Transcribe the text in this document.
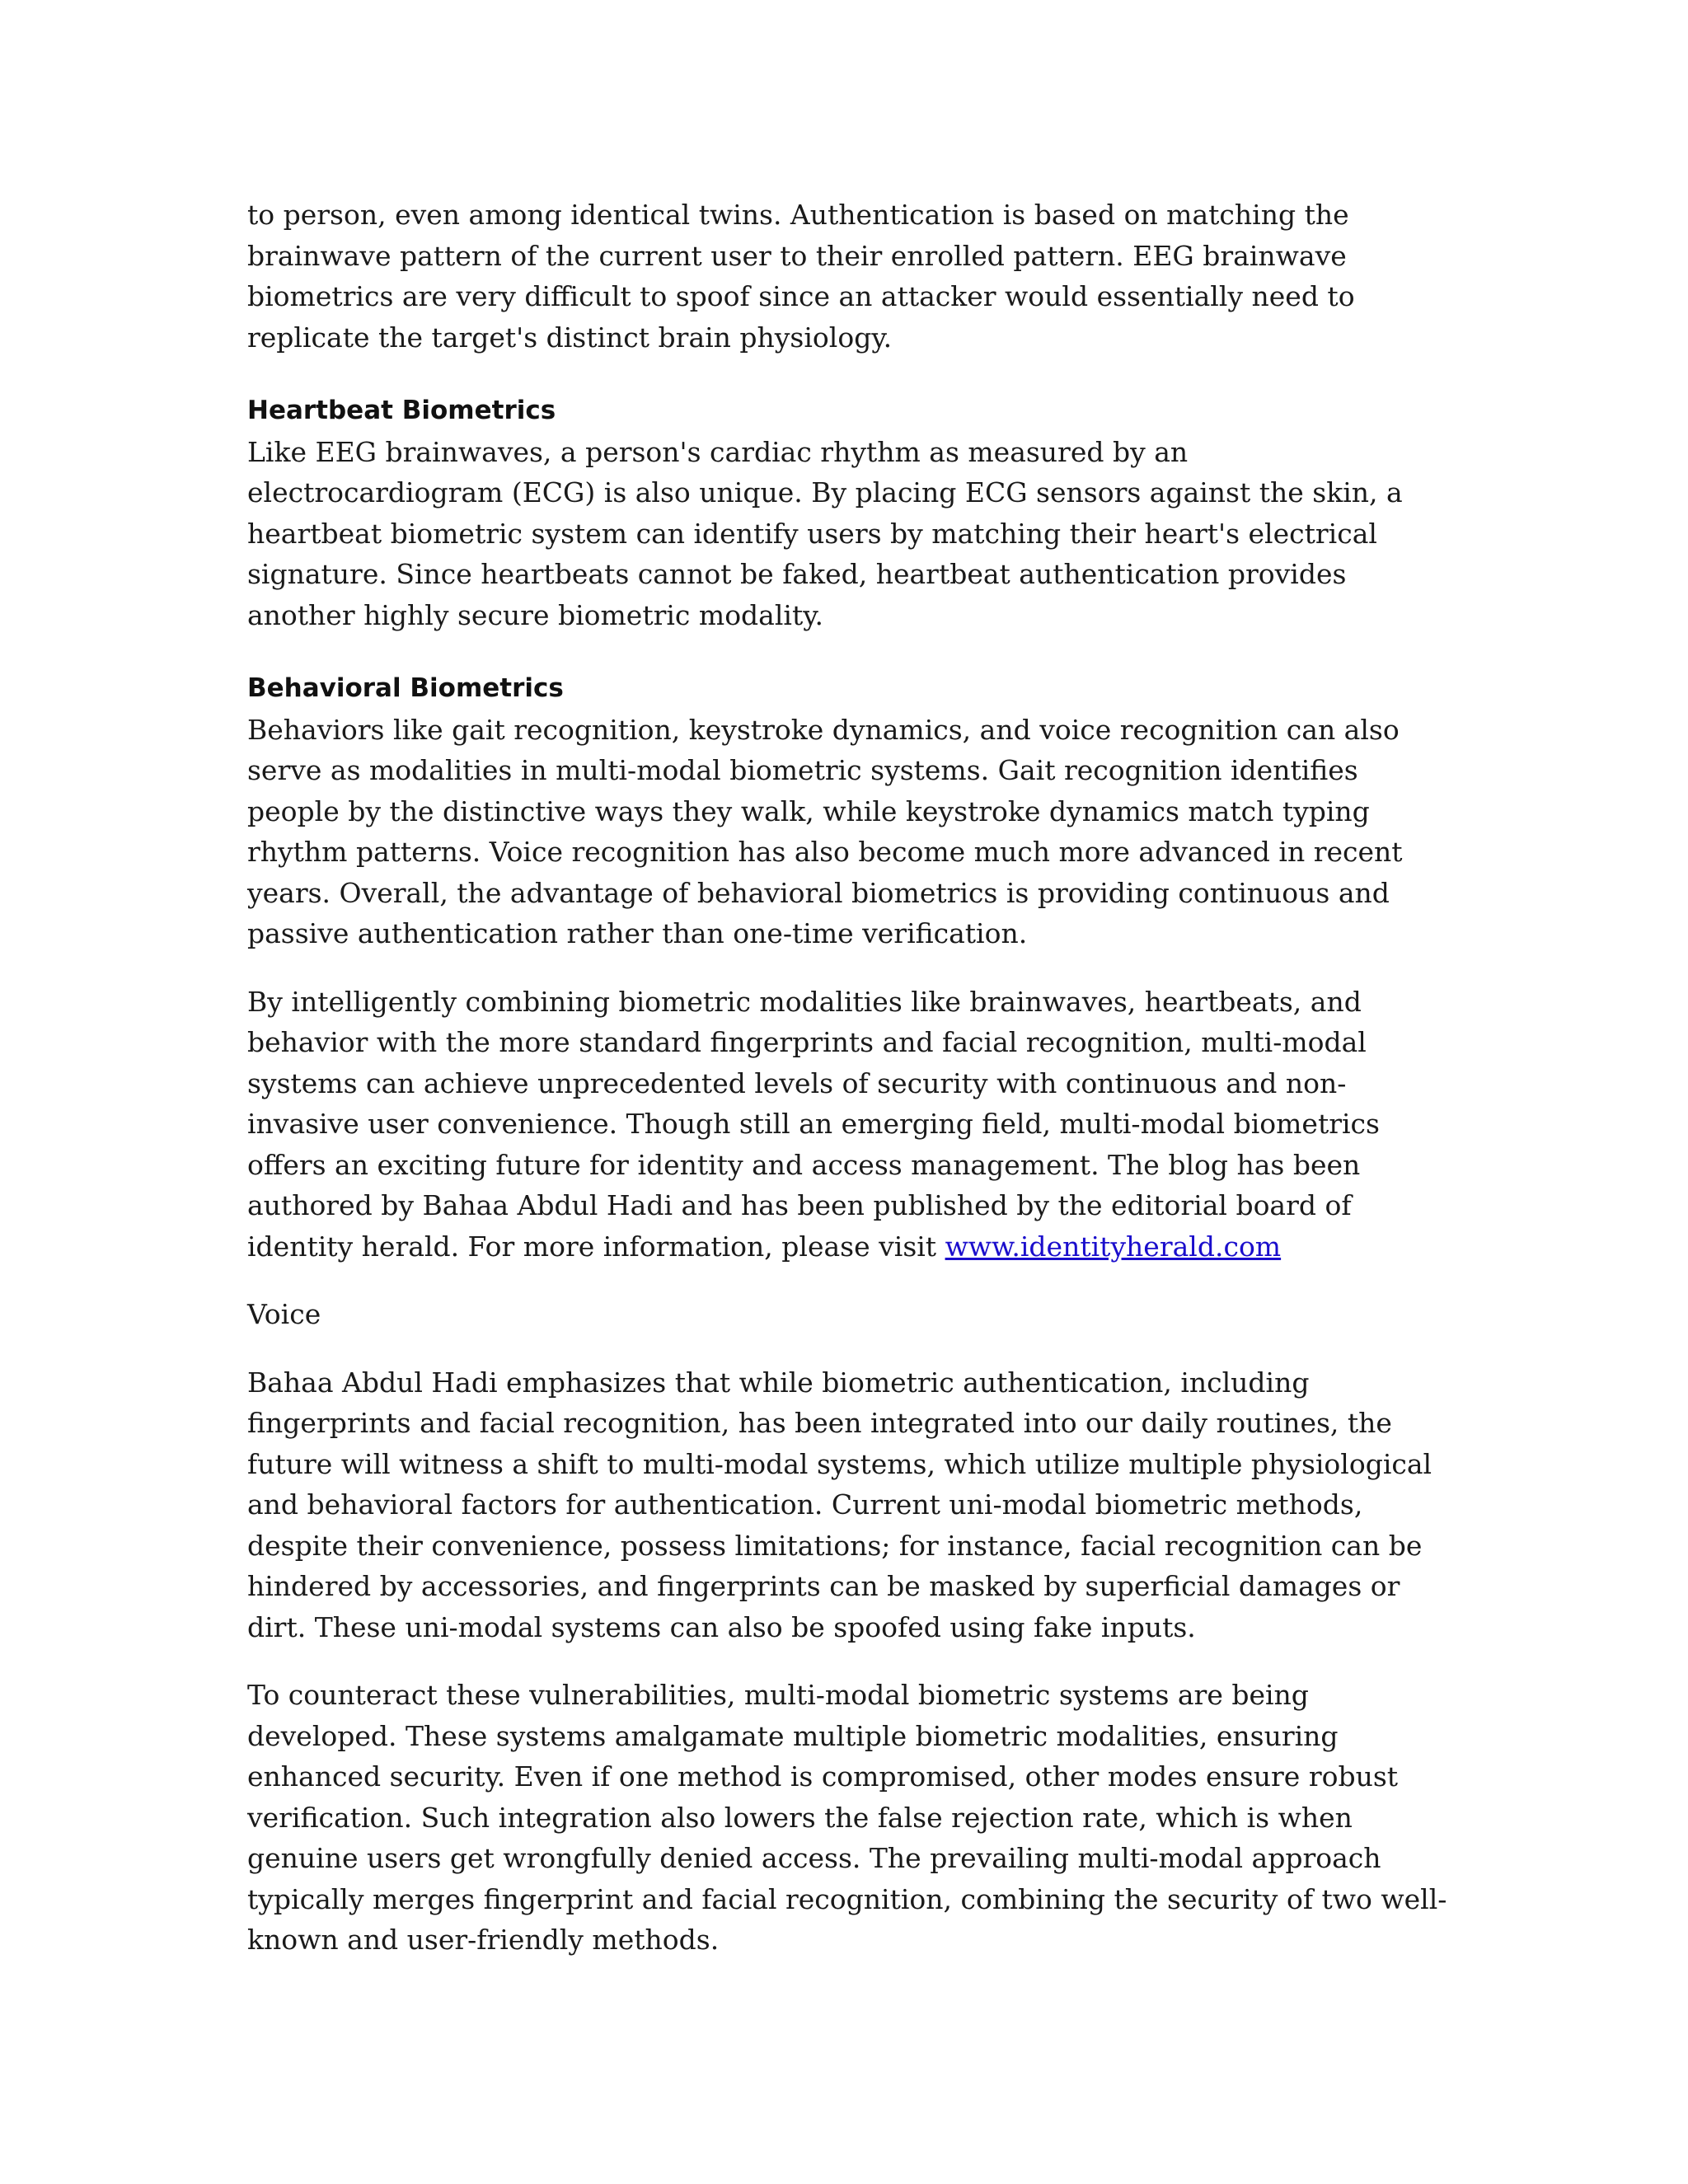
to person, even among identical twins. Authentication is based on matching the brainwave pattern of the current user to their enrolled pattern. EEG brainwave biometrics are very difficult to spoof since an attacker would essentially need to replicate the target's distinct brain physiology.

Heartbeat Biometrics

Like EEG brainwaves, a person's cardiac rhythm as measured by an electrocardiogram (ECG) is also unique. By placing ECG sensors against the skin, a heartbeat biometric system can identify users by matching their heart's electrical signature. Since heartbeats cannot be faked, heartbeat authentication provides another highly secure biometric modality.

Behavioral Biometrics

Behaviors like gait recognition, keystroke dynamics, and voice recognition can also serve as modalities in multi-modal biometric systems. Gait recognition identifies people by the distinctive ways they walk, while keystroke dynamics match typing rhythm patterns. Voice recognition has also become much more advanced in recent years. Overall, the advantage of behavioral biometrics is providing continuous and passive authentication rather than one-time verification.

By intelligently combining biometric modalities like brainwaves, heartbeats, and behavior with the more standard fingerprints and facial recognition, multi-modal systems can achieve unprecedented levels of security with continuous and non-invasive user convenience. Though still an emerging field, multi-modal biometrics offers an exciting future for identity and access management. The blog has been authored by Bahaa Abdul Hadi and has been published by the editorial board of identity herald. For more information, please visit www.identityherald.com

Voice

Bahaa Abdul Hadi emphasizes that while biometric authentication, including fingerprints and facial recognition, has been integrated into our daily routines, the future will witness a shift to multi-modal systems, which utilize multiple physiological and behavioral factors for authentication. Current uni-modal biometric methods, despite their convenience, possess limitations; for instance, facial recognition can be hindered by accessories, and fingerprints can be masked by superficial damages or dirt. These uni-modal systems can also be spoofed using fake inputs.

To counteract these vulnerabilities, multi-modal biometric systems are being developed. These systems amalgamate multiple biometric modalities, ensuring enhanced security. Even if one method is compromised, other modes ensure robust verification. Such integration also lowers the false rejection rate, which is when genuine users get wrongfully denied access. The prevailing multi-modal approach typically merges fingerprint and facial recognition, combining the security of two well-known and user-friendly methods.
